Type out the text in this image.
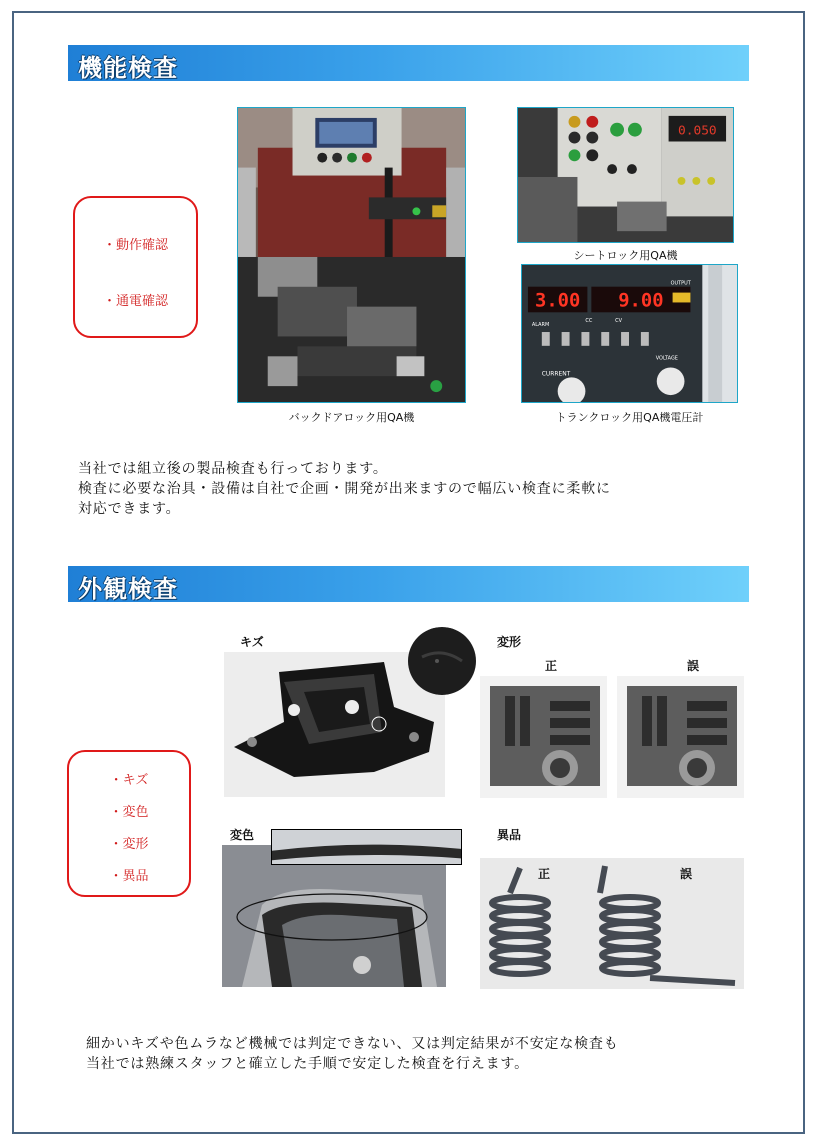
機能検査
・動作確認
・通電確認
バックドアロック用QA機
0.050
シートロック用QA機
3.00 9.00
ALARM
CC	CV
OUTPUT
CURRENT
VOLTAGE
トランクロック用QA機電圧計
当社では組立後の製品検査も行っております。
検査に必要な治具・設備は自社で企画・開発が出来ますので幅広い検査に柔軟に
対応できます。
外観検査
・キズ
・変色
・変形
・異品
キズ	変形
正	誤
変色	異品
正	誤
細かいキズや色ムラなど機械では判定できない、又は判定結果が不安定な検査も
当社では熟練スタッフと確立した手順で安定した検査を行えます。
